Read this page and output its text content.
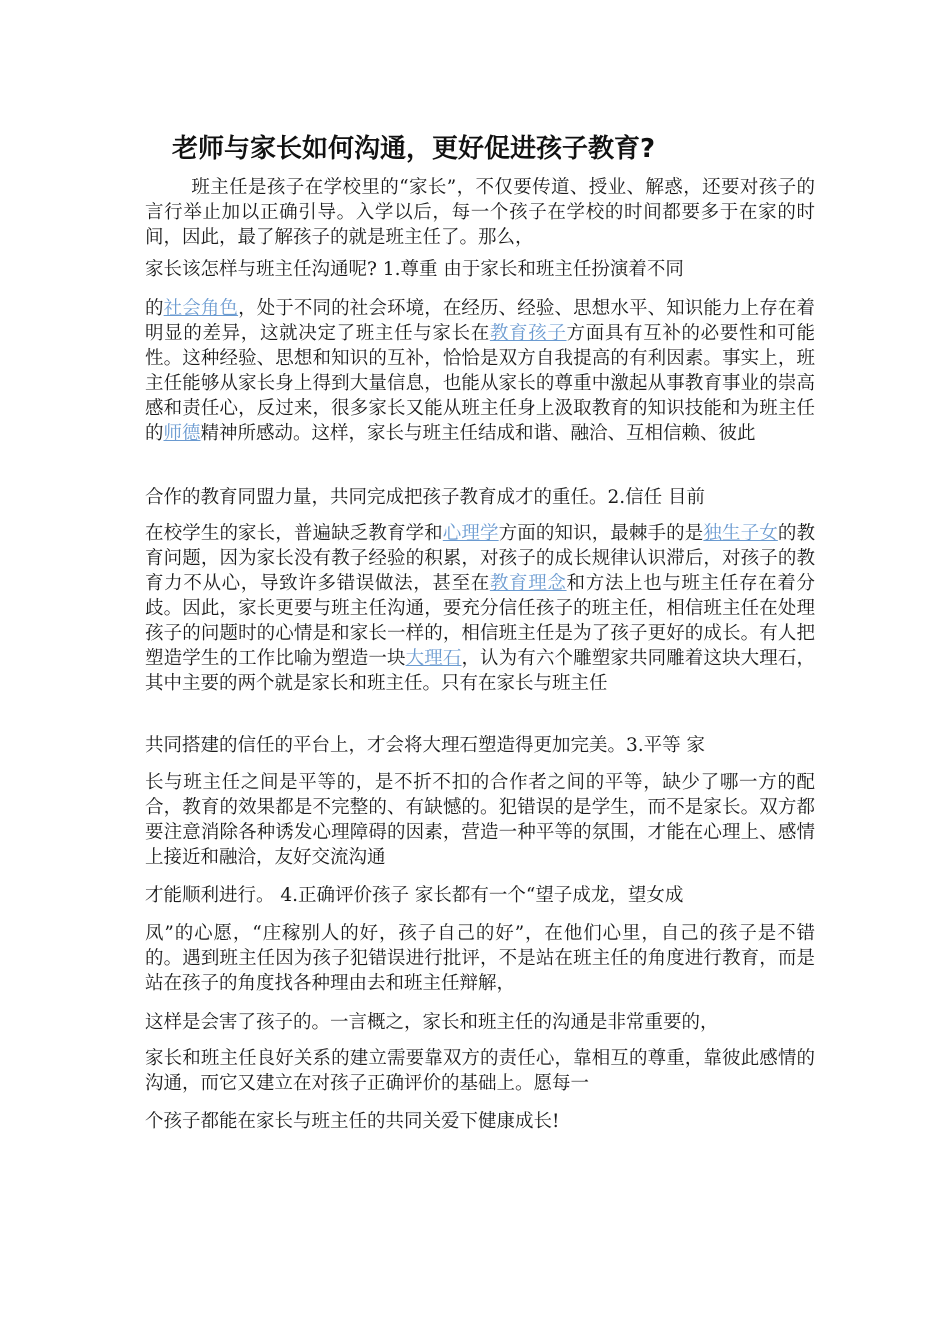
老师与家长如何沟通，更好促进孩子教育?
班主任是孩子在学校里的“家长”，不仅要传道、授业、解惑，还要对孩子的言行举止加以正确引导。入学以后，每一个孩子在学校的时间都要多于在家的时间，因此，最了解孩子的就是班主任了。那么，
家长该怎样与班主任沟通呢? 1.尊重 由于家长和班主任扮演着不同
的社会角色，处于不同的社会环境，在经历、经验、思想水平、知识能力上存在着明显的差异，这就决定了班主任与家长在教育孩子方面具有互补的必要性和可能性。这种经验、思想和知识的互补，恰恰是双方自我提高的有利因素。事实上，班主任能够从家长身上得到大量信息，也能从家长的尊重中激起从事教育事业的崇高感和责任心，反过来，很多家长又能从班主任身上汲取教育的知识技能和为班主任的师德精神所感动。这样，家长与班主任结成和谐、融洽、互相信赖、彼此
合作的教育同盟力量，共同完成把孩子教育成才的重任。2.信任 目前
在校学生的家长，普遍缺乏教育学和心理学方面的知识，最棘手的是独生子女的教育问题，因为家长没有教子经验的积累，对孩子的成长规律认识滞后，对孩子的教育力不从心，导致许多错误做法，甚至在教育理念和方法上也与班主任存在着分歧。因此，家长更要与班主任沟通，要充分信任孩子的班主任，相信班主任在处理孩子的问题时的心情是和家长一样的，相信班主任是为了孩子更好的成长。有人把塑造学生的工作比喻为塑造一块大理石，认为有六个雕塑家共同雕着这块大理石，其中主要的两个就是家长和班主任。只有在家长与班主任
共同搭建的信任的平台上，才会将大理石塑造得更加完美。3.平等 家
长与班主任之间是平等的，是不折不扣的合作者之间的平等，缺少了哪一方的配合，教育的效果都是不完整的、有缺憾的。犯错误的是学生，而不是家长。双方都要注意消除各种诱发心理障碍的因素，营造一种平等的氛围，才能在心理上、感情上接近和融洽，友好交流沟通
才能顺利进行。 4.正确评价孩子 家长都有一个“望子成龙，望女成
凤”的心愿，“庄稼别人的好，孩子自己的好”，在他们心里，自己的孩子是不错的。遇到班主任因为孩子犯错误进行批评，不是站在班主任的角度进行教育，而是站在孩子的角度找各种理由去和班主任辩解，
这样是会害了孩子的。一言概之，家长和班主任的沟通是非常重要的，
家长和班主任良好关系的建立需要靠双方的责任心，靠相互的尊重，靠彼此感情的沟通，而它又建立在对孩子正确评价的基础上。愿每一
个孩子都能在家长与班主任的共同关爱下健康成长!
